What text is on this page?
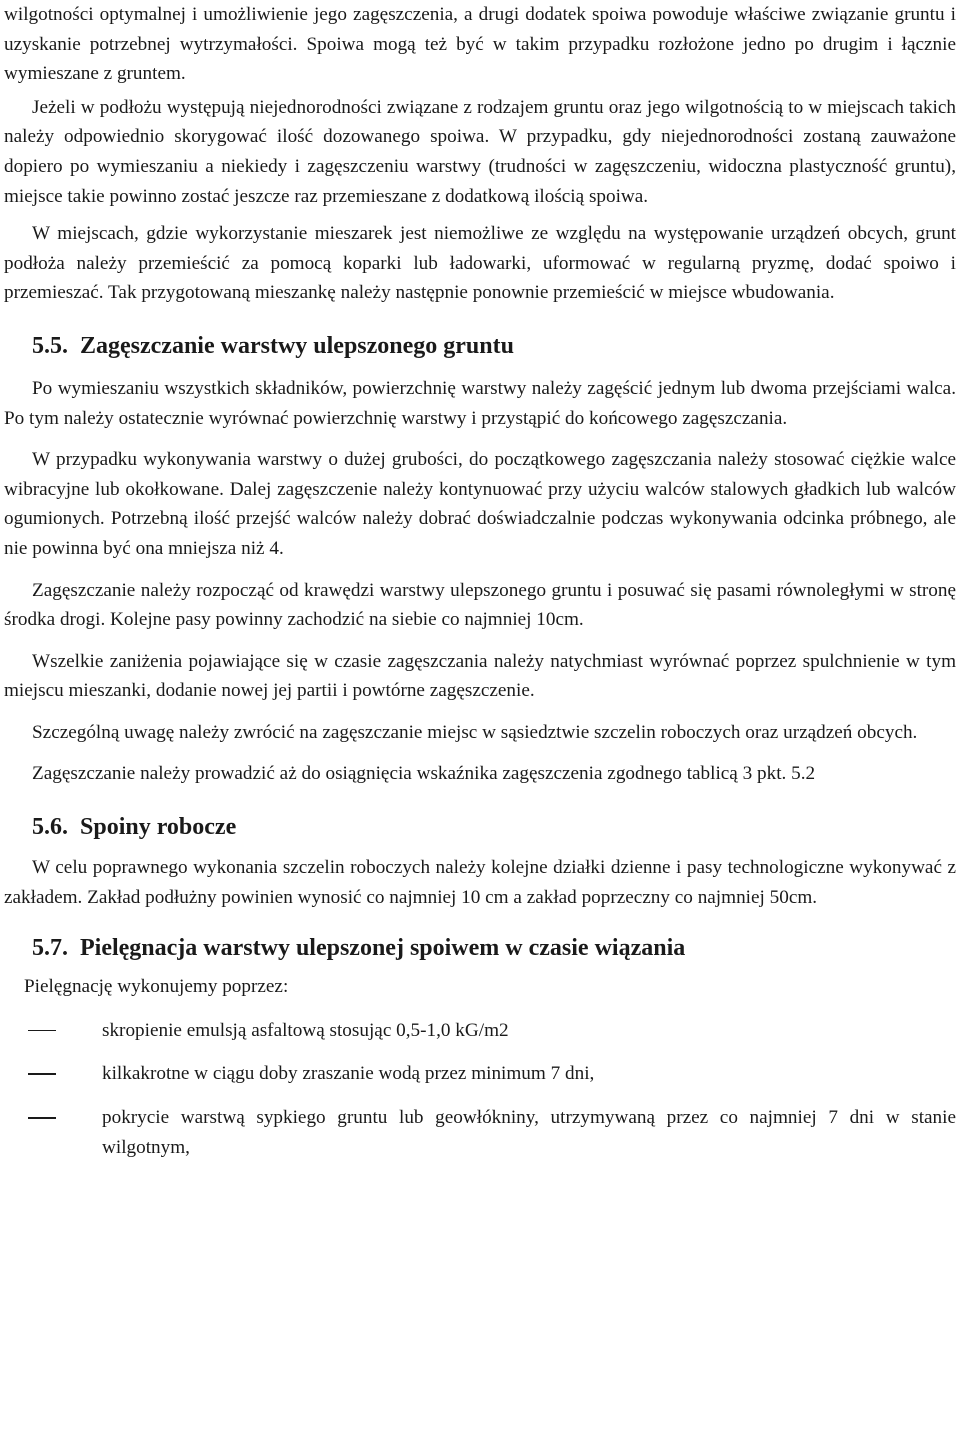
wilgotności optymalnej i umożliwienie jego zagęszczenia, a drugi dodatek spoiwa powoduje właściwe związanie gruntu i uzyskanie potrzebnej wytrzymałości. Spoiwa mogą też być w takim przypadku rozłożone jedno po drugim i łącznie wymieszane z gruntem.

Jeżeli w podłożu występują niejednorodności związane z rodzajem gruntu oraz jego wilgotnością to w miejscach takich należy odpowiednio skorygować ilość dozowanego spoiwa. W przypadku, gdy niejednorodności zostaną zauważone dopiero po wymieszaniu a niekiedy i zagęszczeniu warstwy (trudności w zagęszczeniu, widoczna plastyczność gruntu), miejsce takie powinno zostać jeszcze raz przemieszane z dodatkową ilością spoiwa.

W miejscach, gdzie wykorzystanie mieszarek jest niemożliwe ze względu na występowanie urządzeń obcych, grunt podłoża należy przemieścić za pomocą koparki lub ładowarki, uformować w regularną pryzmę, dodać spoiwo i przemieszać. Tak przygotowaną mieszankę należy następnie ponownie przemieścić w miejsce wbudowania.

5.5. Zagęszczanie warstwy ulepszonego gruntu

Po wymieszaniu wszystkich składników, powierzchnię warstwy należy zagęścić jednym lub dwoma przejściami walca. Po tym należy ostatecznie wyrównać powierzchnię warstwy i przystąpić do końcowego zagęszczania.

W przypadku wykonywania warstwy o dużej grubości, do początkowego zagęszczania należy stosować ciężkie walce wibracyjne lub okołkowane. Dalej zagęszczenie należy kontynuować przy użyciu walców stalowych gładkich lub walców ogumionych. Potrzebną ilość przejść walców należy dobrać doświadczalnie podczas wykonywania odcinka próbnego, ale nie powinna być ona mniejsza niż 4.

Zagęszczanie należy rozpocząć od krawędzi warstwy ulepszonego gruntu i posuwać się pasami równoległymi w stronę środka drogi. Kolejne pasy powinny zachodzić na siebie co najmniej 10cm.

Wszelkie zaniżenia pojawiające się w czasie zagęszczania należy natychmiast wyrównać poprzez spulchnienie w tym miejscu mieszanki, dodanie nowej jej partii i powtórne zagęszczenie.

Szczególną uwagę należy zwrócić na zagęszczanie miejsc w sąsiedztwie szczelin roboczych oraz urządzeń obcych.

Zagęszczanie należy prowadzić aż do osiągnięcia wskaźnika zagęszczenia zgodnego tablicą 3 pkt. 5.2

5.6. Spoiny robocze

W celu poprawnego wykonania szczelin roboczych należy kolejne działki dzienne i pasy technologiczne wykonywać z zakładem. Zakład podłużny powinien wynosić co najmniej 10 cm a zakład poprzeczny co najmniej 50cm.

5.7. Pielęgnacja warstwy ulepszonej spoiwem w czasie wiązania

Pielęgnację wykonujemy poprzez:

skropienie emulsją asfaltową stosując 0,5-1,0 kG/m2
kilkakrotne w ciągu doby zraszanie wodą przez minimum 7 dni,
pokrycie warstwą sypkiego gruntu lub geowłókniny, utrzymywaną przez co najmniej 7 dni w stanie wilgotnym,
